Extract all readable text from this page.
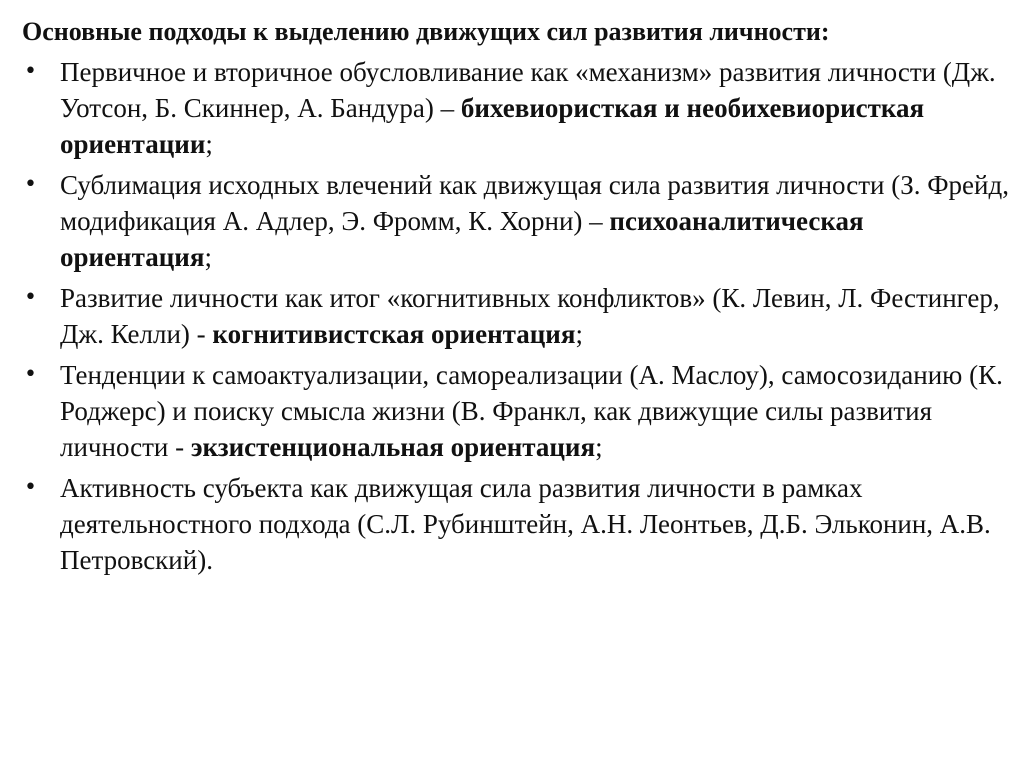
Основные подходы к выделению движущих сил развития личности:
• Первичное и вторичное обусловливание как «механизм» развития личности (Дж. Уотсон, Б. Скиннер, А. Бандура) – бихевиористкая и необихевиористкая ориентации;
• Сублимация исходных влечений как движущая сила развития личности (З. Фрейд, модификация А. Адлер, Э. Фромм, К. Хорни) – психоаналитическая ориентация;
• Развитие личности как итог «когнитивных конфликтов» (К. Левин, Л. Фестингер, Дж. Келли) - когнитивистская ориентация;
• Тенденции к самоактуализации, самореализации (А. Маслоу), самосозиданию (К. Роджерс) и поиску смысла жизни (В. Франкл, как движущие силы развития личности - экзистенциональная ориентация;
• Активность субъекта как движущая сила развития личности в рамках деятельностного подхода (С.Л. Рубинштейн, А.Н. Леонтьев, Д.Б. Эльконин, А.В. Петровский).
